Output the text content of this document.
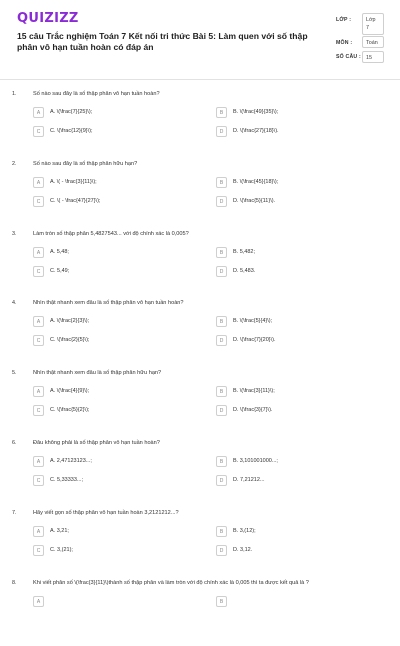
QUIZIZZ
15 câu Trắc nghiệm Toán 7 Kết nối tri thức Bài 5: Làm quen với số thập phân vô hạn tuần hoàn có đáp án
LỚP :	Lớp 7
MÔN :	Toán
SỐ CÂU : 15
1.	Số nào sau đây là số thập phân vô hạn tuần hoàn?
A	A. \(\frac{7}{25}\);	B	B. \(\frac{49}{35}\);
C	C. \(\frac{12}{9}\);	D	D. \(\frac{27}{18}\).
2.	Số nào sau đây là số thập phân hữu hạn?
A	A. \( - \frac{3}{11}\);	B	B. \(\frac{45}{18}\);
C	C. \( - \frac{47}{27}\);	D	D. \(\frac{5}{11}\).
3.	Làm tròn số thập phân 5,4827543... với độ chính xác là 0,005?
A	A. 5,48;	B	B. 5,482;
C	C. 5,49;	D	D. 5,483.
4.	Nhìn thật nhanh xem đâu là số thập phân vô hạn tuần hoàn?
A	A. \(\frac{2}{3}\);	B	B. \(\frac{5}{4}\);
C	C. \(\frac{2}{5}\);	D	D. \(\frac{7}{20}\).
5.	Nhìn thật nhanh xem đâu là số thập phân hữu hạn?
A	A. \(\frac{4}{9}\);	B	B. \(\frac{3}{11}\);
C	C. \(\frac{5}{2}\);	D	D. \(\frac{3}{7}\).
6.	Đâu không phải là số thập phân vô hạn tuần hoàn?
A	A. 2,47123123...;	B	B. 3,101001000...;
C	C. 5,33333...;	D	D. 7,21212...
7.	Hãy viết gọn số thập phân vô hạn tuần hoàn 3,2121212...?
A	A. 3,21;	B	B. 3,(12);
C	C. 3,(21);	D	D. 3,12.
8.	Khi viết phân số \(\frac{3}{11}\)thành số thập phân và làm tròn với độ chính xác là 0,005 thì ta được kết quả là ?
A	B
